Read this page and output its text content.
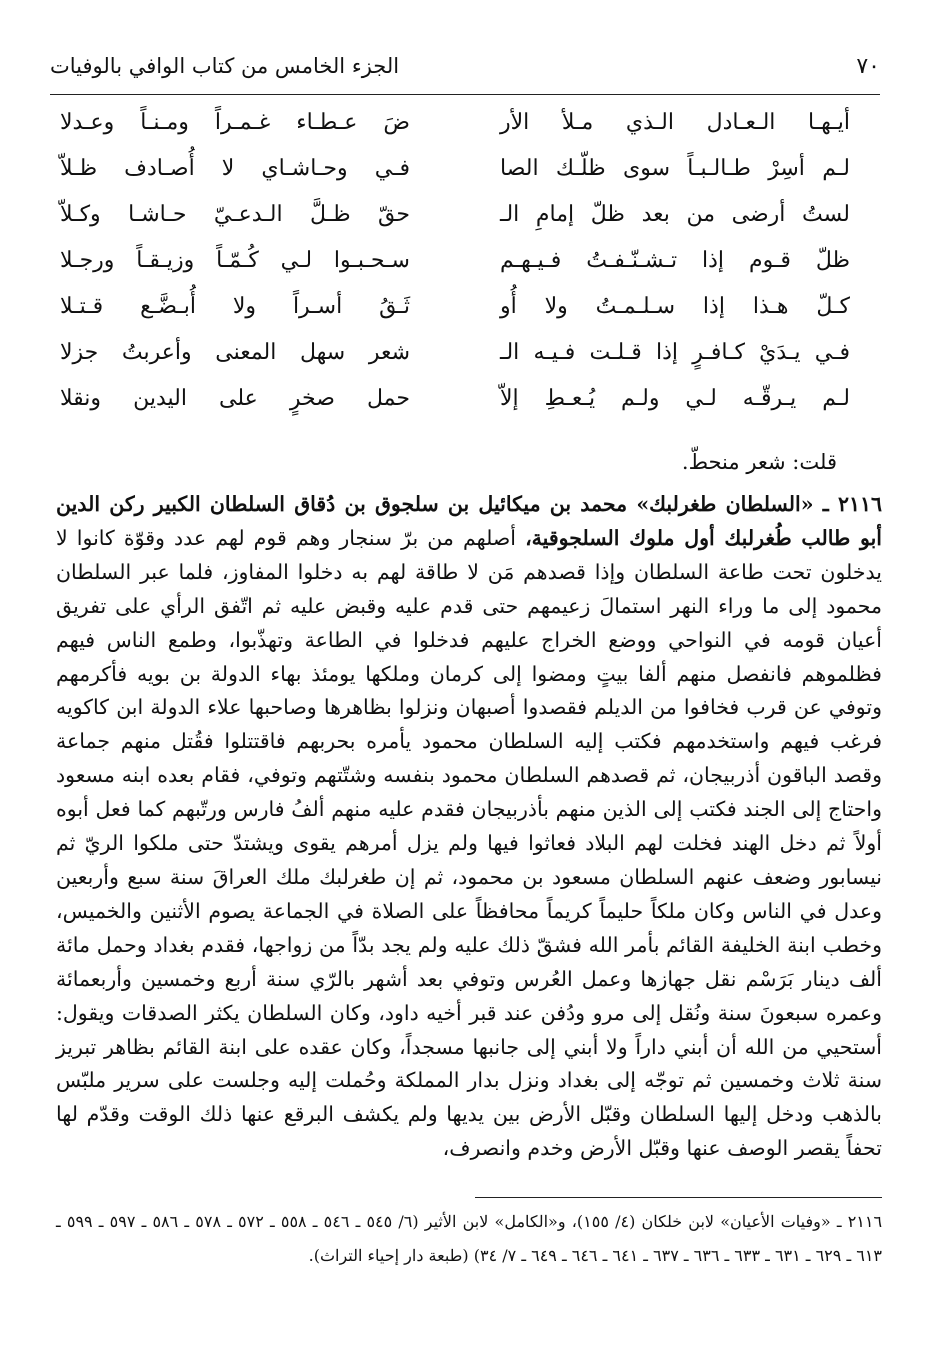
٧٠
الجزء الخامس من كتاب الوافي بالوفيات
أيـهـا الـعـادل الـذي مـلأ الأر
ضَ عـطـاء غـمـراً ومـنـاً وعـدلا
لـم أسِرْ طـالـبـاً سوى ظلّـك الصا
فـي وحـاشـاي لا أُصـادف ظـلاّ
لستُ أرضى من بعد ظلّ إمامِ الـ
حقّ ظـلَّ الـدعـيّ حـاشـا وكـلاّ
ظلّ قـوم إذا تـشـنّـفـتُ فـيـهـم
سـحـبـوا لـي كُـمّـاً وزيـقـاً ورجـلا
كـلّ هـذا إذا سـلـمـتُ ولا أُو
ثَـقُ أسـراً ولا أُبـضَّـع قـتـلا
فـي يـدَيْ كـافـرٍ إذا قـلـت فـيـه الـ
شعر سهل المعنى وأعربتُ جزلا
لـم يـرقّـه لـي ولـم يُـعـطِ إلاّ
حمل صخرٍ على اليدين ونقلا
قلت: شعر منحطّ.
٢١١٦ ـ «السلطان طغرلبك» محمد بن ميكائيل بن سلجوق بن دُقاق السلطان الكبير ركن الدين أبو طالب طُغرلبك أول ملوك السلجوقية، أصلهم من برّ سنجار وهم قوم لهم عدد وقوّة كانوا لا يدخلون تحت طاعة السلطان وإذا قصدهم مَن لا طاقة لهم به دخلوا المفاوز، فلما عبر السلطان محمود إلى ما وراء النهر استمالَ زعيمهم حتى قدم عليه وقبض عليه ثم اتّفق الرأي على تفريق أعيان قومه في النواحي ووضع الخراج عليهم فدخلوا في الطاعة وتهذّبوا، وطمع الناس فيهم فظلموهم فانفصل منهم ألفا بيتٍ ومضوا إلى كرمان وملكها يومئذ بهاء الدولة بن بويه فأكرمهم وتوفي عن قرب فخافوا من الديلم فقصدوا أصبهان ونزلوا بظاهرها وصاحبها علاء الدولة ابن كاكويه فرغب فيهم واستخدمهم فكتب إليه السلطان محمود يأمره بحربهم فاقتتلوا فقُتل منهم جماعة وقصد الباقون أذربيجان، ثم قصدهم السلطان محمود بنفسه وشتّتهم وتوفي، فقام بعده ابنه مسعود واحتاج إلى الجند فكتب إلى الذين منهم بأذربيجان فقدم عليه منهم ألفُ فارس ورتّبهم كما فعل أبوه أولاً ثم دخل الهند فخلت لهم البلاد فعاثوا فيها ولم يزل أمرهم يقوى ويشتدّ حتى ملكوا الريّ ثم نيسابور وضعف عنهم السلطان مسعود بن محمود، ثم إن طغرلبك ملك العراقَ سنة سبع وأربعين وعدل في الناس وكان ملكاً حليماً كريماً محافظاً على الصلاة في الجماعة يصوم الأثنين والخميس، وخطب ابنة الخليفة القائم بأمر الله فشقّ ذلك عليه ولم يجد بدّاً من زواجها، فقدم بغداد وحمل مائة ألف دينار بَرَسْم نقل جهازها وعمل العُرس وتوفي بعد أشهر بالرّي سنة أربع وخمسين وأربعمائة وعمره سبعونَ سنة ونُقل إلى مرو ودُفن عند قبر أخيه داود، وكان السلطان يكثر الصدقات ويقول: أستحيي من الله أن أبني داراً ولا أبني إلى جانبها مسجداً، وكان عقده على ابنة القائم بظاهر تبريز سنة ثلاث وخمسين ثم توجّه إلى بغداد ونزل بدار المملكة وحُملت إليه وجلست على سرير ملبّس بالذهب ودخل إليها السلطان وقبّل الأرض بين يديها ولم يكشف البرقع عنها ذلك الوقت وقدّم لها تحفاً يقصر الوصف عنها وقبّل الأرض وخدم وانصرف،
٢١١٦ ـ «وفيات الأعيان» لابن خلكان (٤/ ١٥٥)، و«الكامل» لابن الأثير (٦/ ٥٤٥ ـ ٥٤٦ ـ ٥٥٨ ـ ٥٧٢ ـ ٥٧٨ ـ ٥٨٦ ـ ٥٩٧ ـ ٥٩٩ ـ ٦١٣ ـ ٦٢٩ ـ ٦٣١ ـ ٦٣٣ ـ ٦٣٦ ـ ٦٣٧ ـ ٦٤١ ـ ٦٤٦ ـ ٦٤٩ ـ ٧/ ٣٤) (طبعة دار إحياء التراث).
